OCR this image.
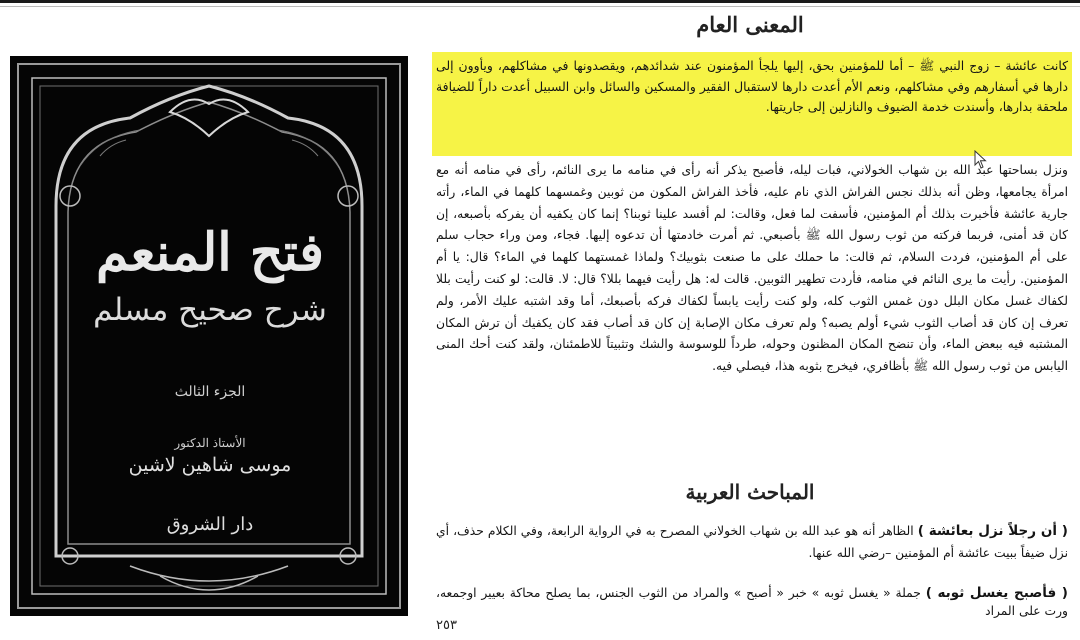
فتح المنعم
شرح صحيح مسلم
الجزء الثالث
الأستاذ الدكتور
موسى شاهين لاشين
دار الشروق
المعنى العام
كانت عائشة – زوج النبي ﷺ – أما للمؤمنين بحق، إليها يلجأ المؤمنون عند شدائدهم، ويقصدونها في مشاكلهم، ويأوون إلى دارها في أسفارهم وفي مشاكلهم، ونعم الأم أعدت دارها لاستقبال الفقير والمسكين والسائل وابن السبيل أعدت داراً للضيافة ملحقة بدارها، وأسندت خدمة الضيوف والنازلين إلى جاريتها.
ونزل بساحتها عبد الله بن شهاب الخولاني، فبات ليله، فأصبح يذكر أنه رأى في منامه ما يرى النائم، رأى في منامه أنه مع امرأة يجامعها، وظن أنه بذلك نجس الفراش الذي نام عليه، فأخذ الفراش المكون من ثوبين وغمسهما كلهما في الماء، رأته جارية عائشة فأخبرت بذلك أم المؤمنين، فأسفت لما فعل، وقالت: لم أفسد علينا ثوبنا؟ إنما كان يكفيه أن يفركه بأصبعه، إن كان قد أمنى، فربما فركته من ثوب رسول الله ﷺ بأصبعي. ثم أمرت خادمتها أن تدعوه إليها. فجاء، ومن وراء حجاب سلم على أم المؤمنين، فردت السلام، ثم قالت: ما حملك على ما صنعت بثوبيك؟ ولماذا غمستهما كلهما في الماء؟ قال: يا أم المؤمنين. رأيت ما يرى النائم في منامه، فأردت تطهير الثوبين. قالت له: هل رأيت فيهما بللا؟ قال: لا. قالت: لو كنت رأيت بللا لكفاك غسل مكان البلل دون غمس الثوب كله، ولو كنت رأيت يابساً لكفاك فركه بأصبعك، أما وقد اشتبه عليك الأمر، ولم تعرف إن كان قد أصاب الثوب شيء أولم يصبه؟ ولم تعرف مكان الإصابة إن كان قد أصاب فقد كان يكفيك أن ترش المكان المشتبه فيه ببعض الماء، وأن تنضح المكان المظنون وحوله، طرداً للوسوسة والشك وتثبيتاً للاطمئنان، ولقد كنت أحك المنى اليابس من ثوب رسول الله ﷺ بأظافري، فيخرج بثوبه هذا، فيصلي فيه.
المباحث العربية
( أن رجلاً نزل بعائشة ) الظاهر أنه هو عبد الله بن شهاب الخولاني المصرح به في الرواية الرابعة، وفي الكلام حذف، أي نزل ضيفاً ببيت عائشة أم المؤمنين –رضي الله عنها.
( فأصبح يغسل ثوبه ) جملة « يغسل ثوبه » خبر « أصبح » والمراد من الثوب الجنس، بما يصلح محاكة بعيير اوجمعه، ورت على المراد
٢٥٣
